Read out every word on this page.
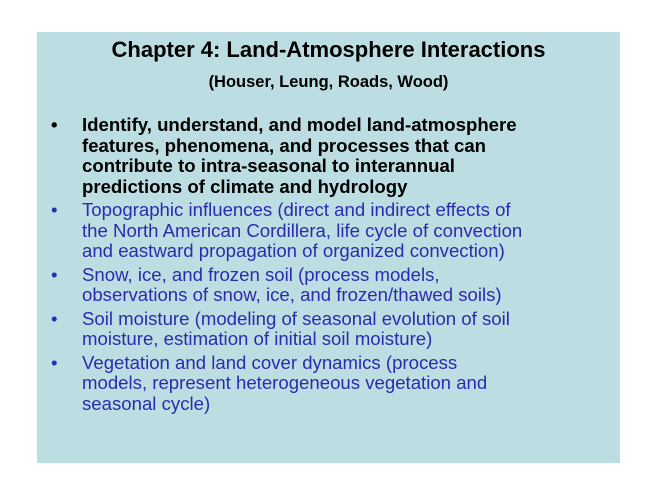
Chapter 4: Land-Atmosphere Interactions
(Houser, Leung, Roads, Wood)
• Identify, understand, and model land-atmosphere
features, phenomena, and processes that can
contribute to intra-seasonal to interannual
predictions of climate and hydrology
• Topographic influences (direct and indirect effects of
the North American Cordillera, life cycle of convection
and eastward propagation of organized convection)
• Snow, ice, and frozen soil (process models,
observations of snow, ice, and frozen/thawed soils)
• Soil moisture (modeling of seasonal evolution of soil
moisture, estimation of initial soil moisture)
• Vegetation and land cover dynamics (process
models, represent heterogeneous vegetation and
seasonal cycle)
